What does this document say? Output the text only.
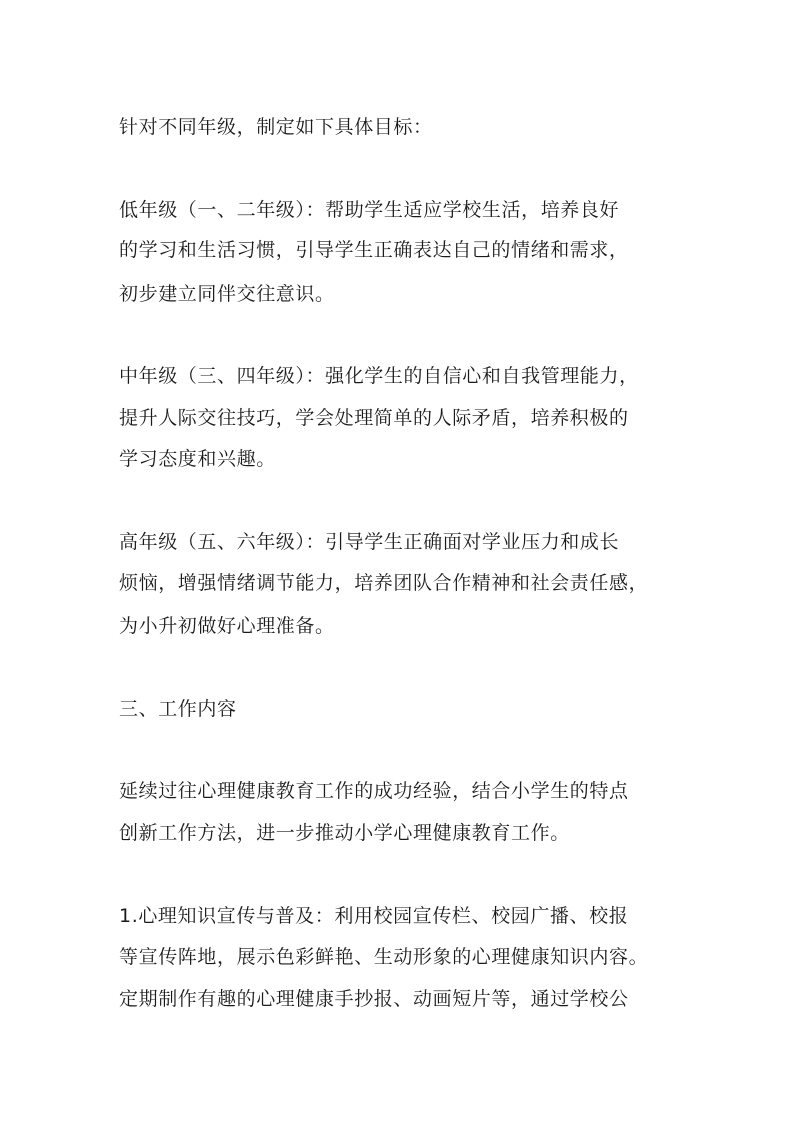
针对不同年级，制定如下具体目标：

低年级（一、二年级）：帮助学生适应学校生活，培养良好

的学习和生活习惯，引导学生正确表达自己的情绪和需求，

初步建立同伴交往意识。

中年级（三、四年级）：强化学生的自信心和自我管理能力，

提升人际交往技巧，学会处理简单的人际矛盾，培养积极的

学习态度和兴趣。

高年级（五、六年级）：引导学生正确面对学业压力和成长

烦恼，增强情绪调节能力，培养团队合作精神和社会责任感，

为小升初做好心理准备。

三、工作内容

延续过往心理健康教育工作的成功经验，结合小学生的特点

创新工作方法，进一步推动小学心理健康教育工作。

1.心理知识宣传与普及：利用校园宣传栏、校园广播、校报

等宣传阵地，展示色彩鲜艳、生动形象的心理健康知识内容。

定期制作有趣的心理健康手抄报、动画短片等，通过学校公
